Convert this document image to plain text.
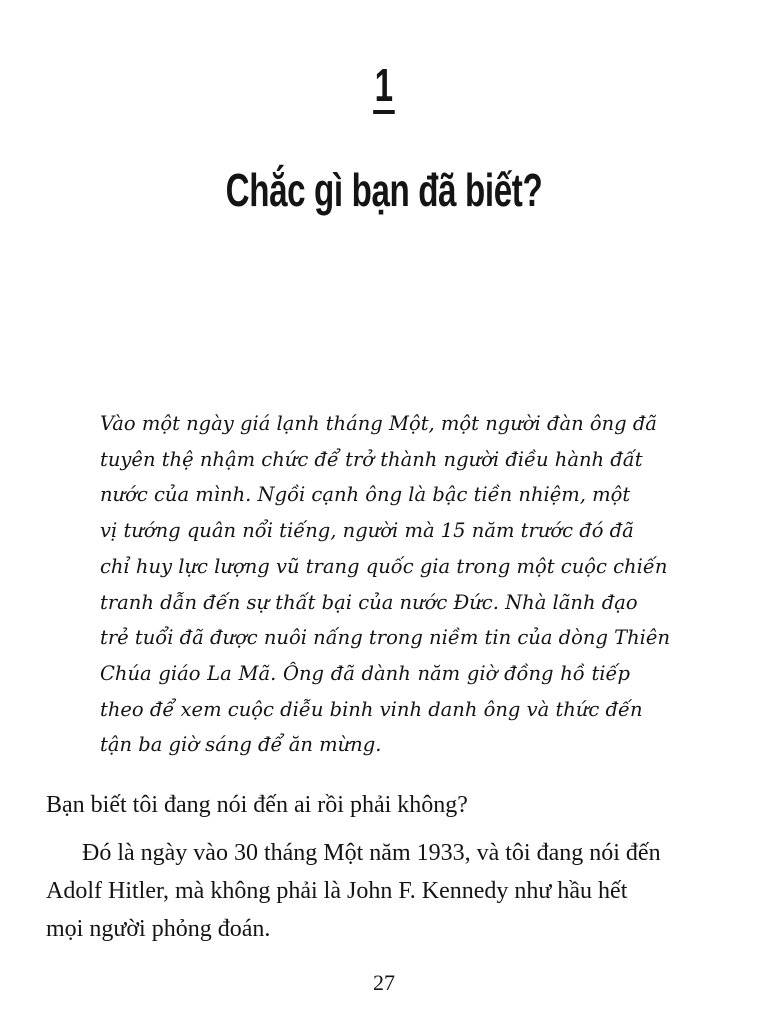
1
Chắc gì bạn đã biết?

Vào một ngày giá lạnh tháng Một, một người đàn ông đã
tuyên thệ nhậm chức để trở thành người điều hành đất
nước của mình. Ngồi cạnh ông là bậc tiền nhiệm, một
vị tướng quân nổi tiếng, người mà 15 năm trước đó đã
chỉ huy lực lượng vũ trang quốc gia trong một cuộc chiến
tranh dẫn đến sự thất bại của nước Đức. Nhà lãnh đạo
trẻ tuổi đã được nuôi nấng trong niềm tin của dòng Thiên
Chúa giáo La Mã. Ông đã dành năm giờ đồng hồ tiếp
theo để xem cuộc diễu binh vinh danh ông và thức đến
tận ba giờ sáng để ăn mừng.

Bạn biết tôi đang nói đến ai rồi phải không?

Đó là ngày vào 30 tháng Một năm 1933, và tôi đang nói đến
Adolf Hitler, mà không phải là John F. Kennedy như hầu hết
mọi người phỏng đoán.

27
